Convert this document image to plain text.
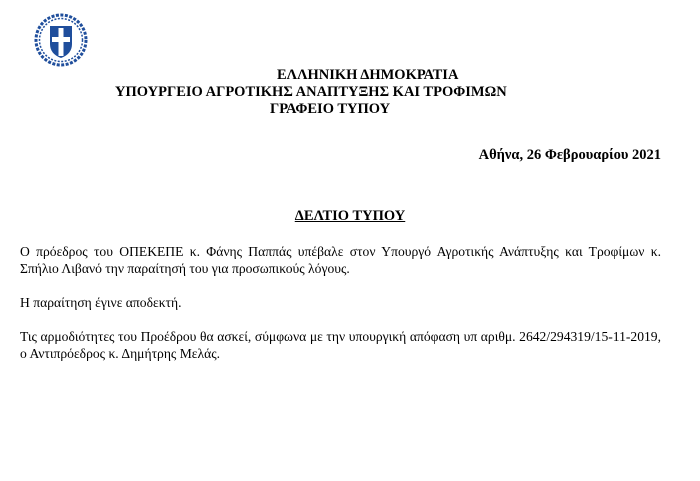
ΕΛΛΗΝΙΚΗ ΔΗΜΟΚΡΑΤΙΑ
ΥΠΟΥΡΓΕΙΟ ΑΓΡΟΤΙΚΗΣ ΑΝΑΠΤΥΞΗΣ ΚΑΙ ΤΡΟΦΙΜΩΝ
ΓΡΑΦΕΙΟ ΤΥΠΟΥ
Αθήνα, 26 Φεβρουαρίου 2021
ΔΕΛΤΙΟ ΤΥΠΟΥ

Ο πρόεδρος του ΟΠΕΚΕΠΕ κ. Φάνης Παππάς υπέβαλε στον Υπουργό Αγροτικής Ανάπτυξης και Τροφίμων κ. Σπήλιο Λιβανό την παραίτησή του για προσωπικούς λόγους.

Η παραίτηση έγινε αποδεκτή.

Τις αρμοδιότητες του Προέδρου θα ασκεί, σύμφωνα με την υπουργική απόφαση υπ αριθμ. 2642/294319/15-11-2019, ο Αντιπρόεδρος κ. Δημήτρης Μελάς.
